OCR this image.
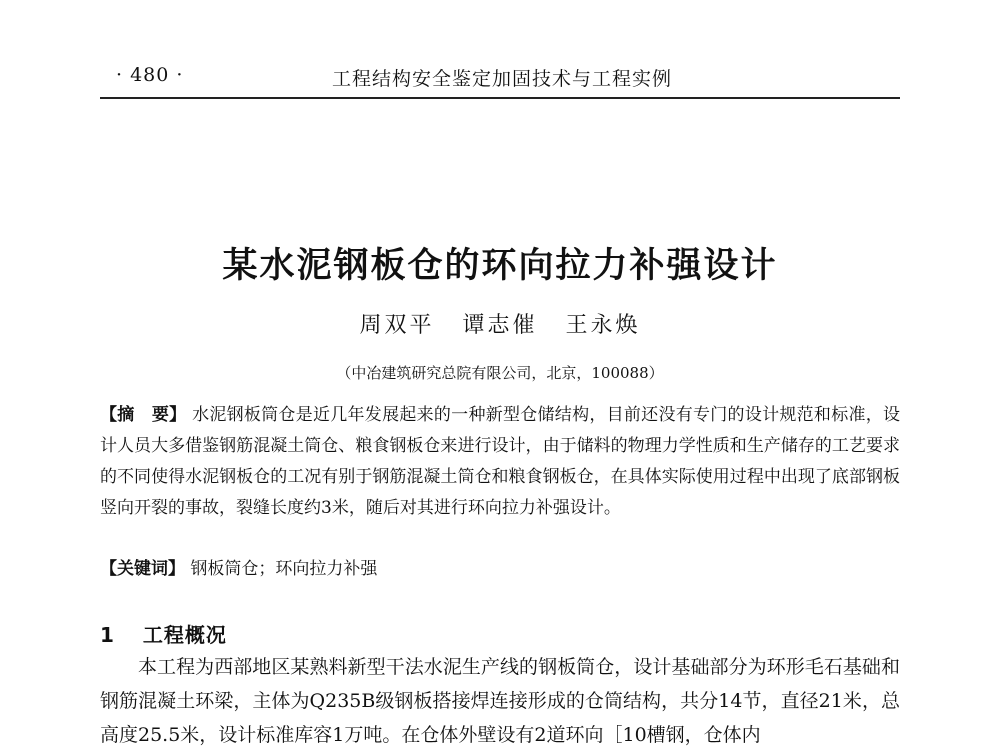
· 480 ·	工程结构安全鉴定加固技术与工程实例
某水泥钢板仓的环向拉力补强设计
周双平 谭志催 王永焕
（中冶建筑研究总院有限公司，北京，100088）
【摘　要】 水泥钢板筒仓是近几年发展起来的一种新型仓储结构，目前还没有专门的设计规范和标准，设计人员大多借鉴钢筋混凝土筒仓、粮食钢板仓来进行设计，由于储料的物理力学性质和生产储存的工艺要求的不同使得水泥钢板仓的工况有别于钢筋混凝土筒仓和粮食钢板仓，在具体实际使用过程中出现了底部钢板竖向开裂的事故，裂缝长度约3米，随后对其进行环向拉力补强设计。
【关键词】 钢板筒仓；环向拉力补强
1 工程概况
本工程为西部地区某熟料新型干法水泥生产线的钢板筒仓，设计基础部分为环形毛石基础和钢筋混凝土环梁，主体为Q235B级钢板搭接焊连接形成的仓筒结构，共分14节，直径21米，总高度25.5米，设计标准库容1万吨。在仓体外壁设有2道环向［10槽钢，仓体内
